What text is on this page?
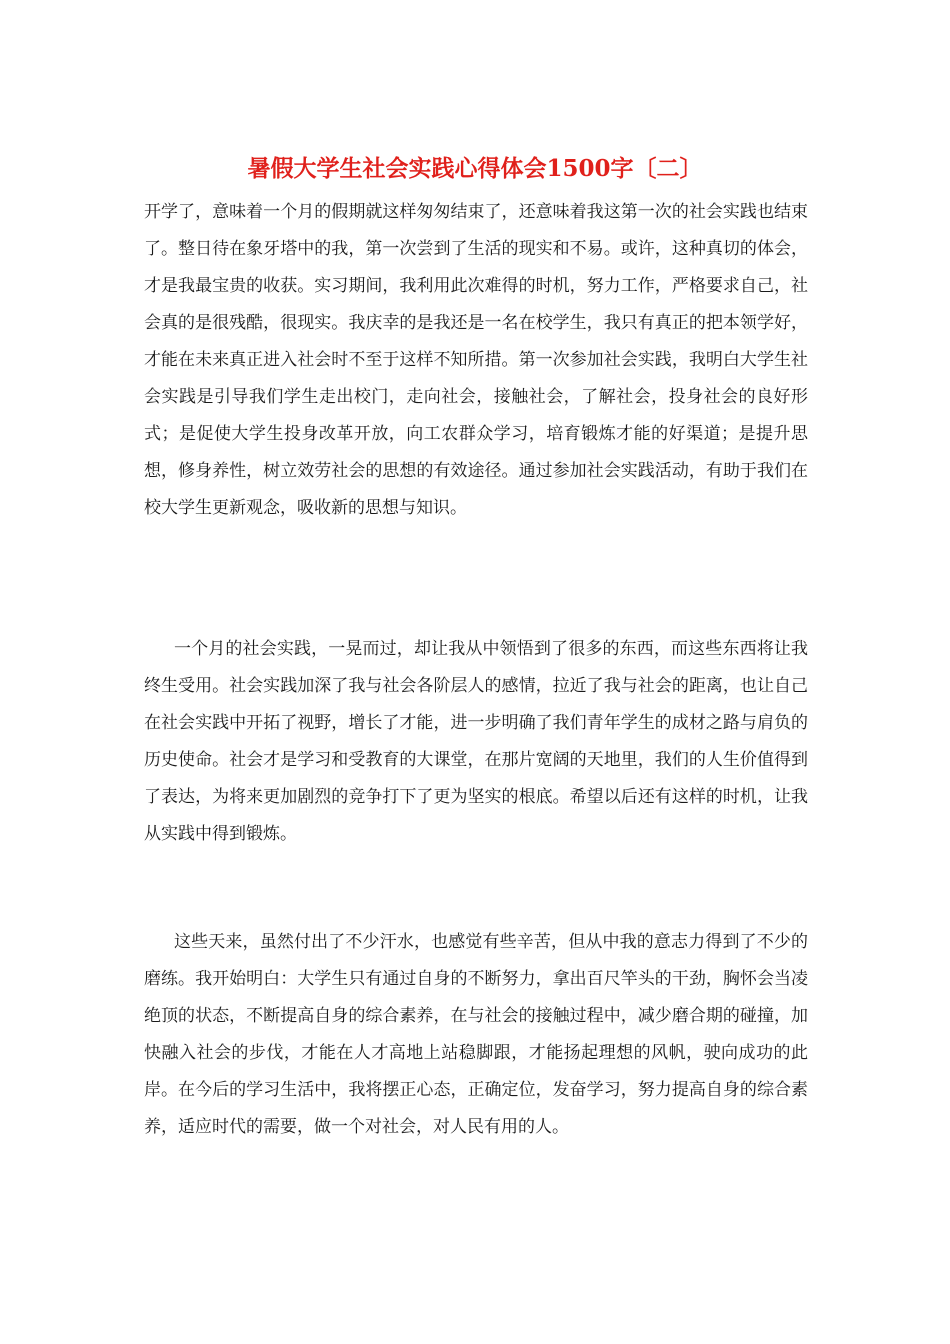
暑假大学生社会实践心得体会1500字〔二〕

开学了，意味着一个月的假期就这样匆匆结束了，还意味着我这第一次的社会实践也结束了。整日待在象牙塔中的我，第一次尝到了生活的现实和不易。或许，这种真切的体会，才是我最宝贵的收获。实习期间，我利用此次难得的时机，努力工作，严格要求自己，社会真的是很残酷，很现实。我庆幸的是我还是一名在校学生，我只有真正的把本领学好，才能在未来真正进入社会时不至于这样不知所措。第一次参加社会实践，我明白大学生社会实践是引导我们学生走出校门，走向社会，接触社会，了解社会，投身社会的良好形式；是促使大学生投身改革开放，向工农群众学习，培育锻炼才能的好渠道；是提升思想，修身养性，树立效劳社会的思想的有效途径。通过参加社会实践活动，有助于我们在校大学生更新观念，吸收新的思想与知识。

一个月的社会实践，一晃而过，却让我从中领悟到了很多的东西，而这些东西将让我终生受用。社会实践加深了我与社会各阶层人的感情，拉近了我与社会的距离，也让自己在社会实践中开拓了视野，增长了才能，进一步明确了我们青年学生的成材之路与肩负的历史使命。社会才是学习和受教育的大课堂，在那片宽阔的天地里，我们的人生价值得到了表达，为将来更加剧烈的竞争打下了更为坚实的根底。希望以后还有这样的时机，让我从实践中得到锻炼。

这些天来，虽然付出了不少汗水，也感觉有些辛苦，但从中我的意志力得到了不少的磨练。我开始明白：大学生只有通过自身的不断努力，拿出百尺竿头的干劲，胸怀会当凌绝顶的状态，不断提高自身的综合素养，在与社会的接触过程中，减少磨合期的碰撞，加快融入社会的步伐，才能在人才高地上站稳脚跟，才能扬起理想的风帆，驶向成功的此岸。在今后的学习生活中，我将摆正心态，正确定位，发奋学习，努力提高自身的综合素养，适应时代的需要，做一个对社会，对人民有用的人。
